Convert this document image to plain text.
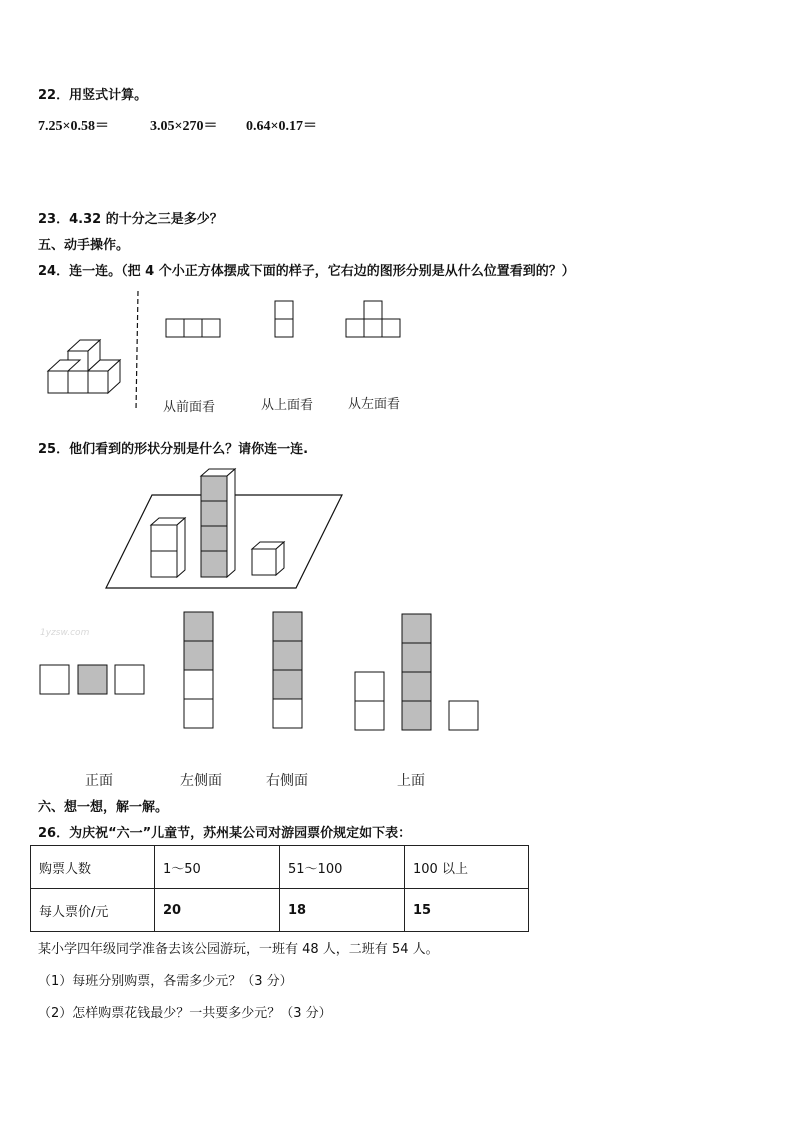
22．用竖式计算。
7.25×0.58＝	3.05×270＝ 0.64×0.17＝
23．4.32 的十分之三是多少？
五、动手操作。
24．连一连。（把 4 个小正方体摆成下面的样子，它右边的图形分别是从什么位置看到的？）
从前面看	从上面看	从左面看
25．他们看到的形状分别是什么？请你连一连.
1yzsw.com
正面	左侧面	右侧面	上面
六、想一想，解一解。
26．为庆祝“六一”儿童节，苏州某公司对游园票价规定如下表：
购票人数	1～50	51～100	100 以上
每人票价/元	20	18	15
某小学四年级同学准备去该公园游玩，一班有 48 人，二班有 54 人。
（1）每班分别购票，各需多少元？（3 分）
（2）怎样购票花钱最少？一共要多少元？（3 分）
